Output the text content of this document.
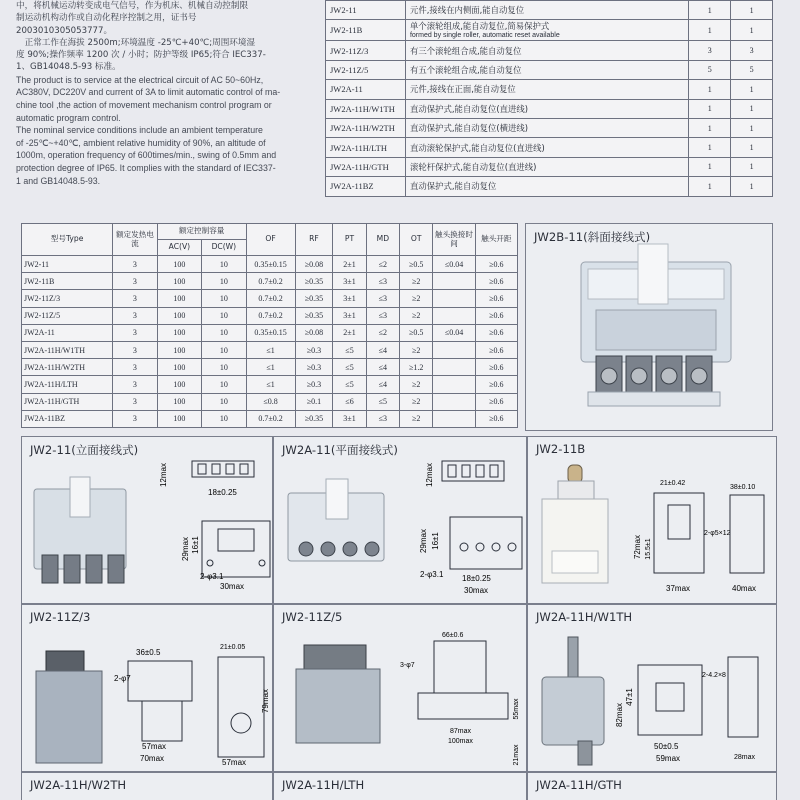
中，将机械运动转变成电气信号，作为机床、机械自动控制限

制运动机构动作或自动化程序控制之用，证书号

2003010305053777。

　正常工作在海拔 2500m;环境温度 -25℃+40℃;周围环境湿

度 90%;操作频率 1200 次 / 小时；防护等级 IP65;符合 IEC337-

1、GB14048.5-93 标准。

The product is to service at the electrical circuit of AC 50~60Hz,

AC380V, DC220V and current of 3A to limit automatic control of ma-

chine tool ,the action of movement mechanism control program or

automatic program control.

The nominal service conditions include an ambient temperature

of -25℃~+40℃, ambient relative humidity of 90%, an altitude of

1000m, operation frequency of 600times/min., swing of 0.5mm and

protection degree of IP65. It complies with the standard of IEC337-

1 and GB14048.5-93.

JW2-11	元件,接线在内侧面,能自动复位	1	1
JW2-11B	单个滚轮组成,能自动复位,简易保护式
formed by single roller, automatic reset available	1	1
JW2-11Z/3	有三个滚轮组合成,能自动复位	3	3
JW2-11Z/5	有五个滚轮组合成,能自动复位	5	5
JW2A-11	元件,接线在正面,能自动复位	1	1
JW2A-11H/W1TH	直动保护式,能自动复位(直进线)	1	1
JW2A-11H/W2TH	直动保护式,能自动复位(横进线)	1	1
JW2A-11H/LTH	直动滚轮保护式,能自动复位(直进线)	1	1
JW2A-11H/GTH	滚轮杆保护式,能自动复位(直进线)	1	1
JW2A-11BZ	直动保护式,能自动复位	1	1
型号Type	额定发热电流	额定控制容量		OF	RF	PT	MD	OT	触头换接时间	触头开距
		AC(V)	DC(W)							
JW2-11	3	100	10	0.35±0.15	≥0.08	2±1	≤2	≥0.5	≤0.04	≥0.6
JW2-11B	3	100	10	0.7±0.2	≥0.35	3±1	≤3	≥2		≥0.6
JW2-11Z/3	3	100	10	0.7±0.2	≥0.35	3±1	≤3	≥2		≥0.6
JW2-11Z/5	3	100	10	0.7±0.2	≥0.35	3±1	≤3	≥2		≥0.6
JW2A-11	3	100	10	0.35±0.15	≥0.08	2±1	≤2	≥0.5	≤0.04	≥0.6
JW2A-11H/W1TH	3	100	10	≤1	≥0.3	≤5	≤4	≥2		≥0.6
JW2A-11H/W2TH	3	100	10	≤1	≥0.3	≤5	≤4	≥1.2		≥0.6
JW2A-11H/LTH	3	100	10	≤1	≥0.3	≤5	≤4	≥2		≥0.6
JW2A-11H/GTH	3	100	10	≤0.8	≥0.1	≤6	≤5	≥2		≥0.6
JW2A-11BZ	3	100	10	0.7±0.2	≥0.35	3±1	≤3	≥2		≥0.6
JW2B-11(斜面接线式)
JW2-11(立面接线式)
12max
18±0.25
29max 16±1
2-φ3.1
30max
JW2A-11(平面接线式)
12max
29max 16±1
2-φ3.1 18±0.25
30max
JW2-11B
21±0.42
2-φ5×12
72max 15.5±1
37max
38±0.10
40max
JW2-11Z/3
36±0.5
2-φ7
21±0.05
79max
57max
70max	57max
JW2-11Z/5
66±0.6
3-φ7
87max
100max
55max
21max
JW2A-11H/W1TH
47±1
82max
2-4.2×8
50±0.5
59max	28max
JW2A-11H/W2TH	JW2A-11H/LTH	JW2A-11H/GTH
